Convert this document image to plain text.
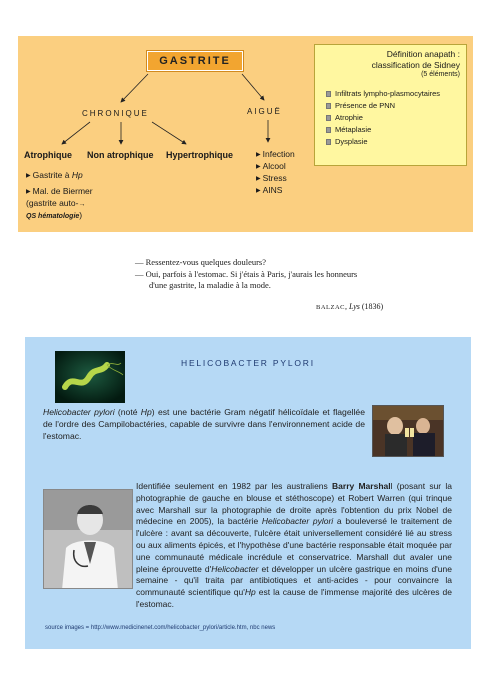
GASTRITE
CHRONIQUE	AIGUË
Atrophique Non atrophique Hypertrophique
▶ Gastrite à Hp
▶ Mal. de Biermer
(gastrite auto-→
QS hématologie)
▶ Infection
▶ Alcool
▶ Stress
▶ AINS
Définition anapath :
classification de Sidney
(5 éléments)
Infiltrats lympho-plasmocytaires
Présence de PNN
Atrophie
Métaplasie
Dysplasie
— Ressentez-vous quelques douleurs?
— Oui, parfois à l'estomac. Si j'étais à Paris, j'aurais les honneurs
d'une gastrite, la maladie à la mode.
BALZAC, Lys (1836)
HELICOBACTER PYLORI
Helicobacter pylori (noté Hp) est une bactérie Gram négatif hélicoïdale et flagellée de l'ordre des Campilobactéries, capable de survivre dans l'environnement acide de l'estomac.
Identifiée seulement en 1982 par les australiens Barry Marshall (posant sur la photographie de gauche en blouse et stéthoscope) et Robert Warren (qui trinque avec Marshall sur la photographie de droite après l'obtention du prix Nobel de médecine en 2005), la bactérie Helicobacter pylori a bouleversé le traitement de l'ulcère : avant sa découverte, l'ulcère était universellement considéré lié au stress ou aux aliments épicés, et l'hypothèse d'une bactérie responsable était moquée par une communauté médicale incrédule et conservatrice. Marshall dut avaler une pleine éprouvette d'Helicobacter et développer un ulcère gastrique en moins d'une semaine - qu'il traita par antibiotiques et anti-acides - pour convaincre la communauté scientifique qu'Hp est la cause de l'immense majorité des ulcères de l'estomac.
source images = http://www.medicinenet.com/helicobacter_pylori/article.htm, nbc news
